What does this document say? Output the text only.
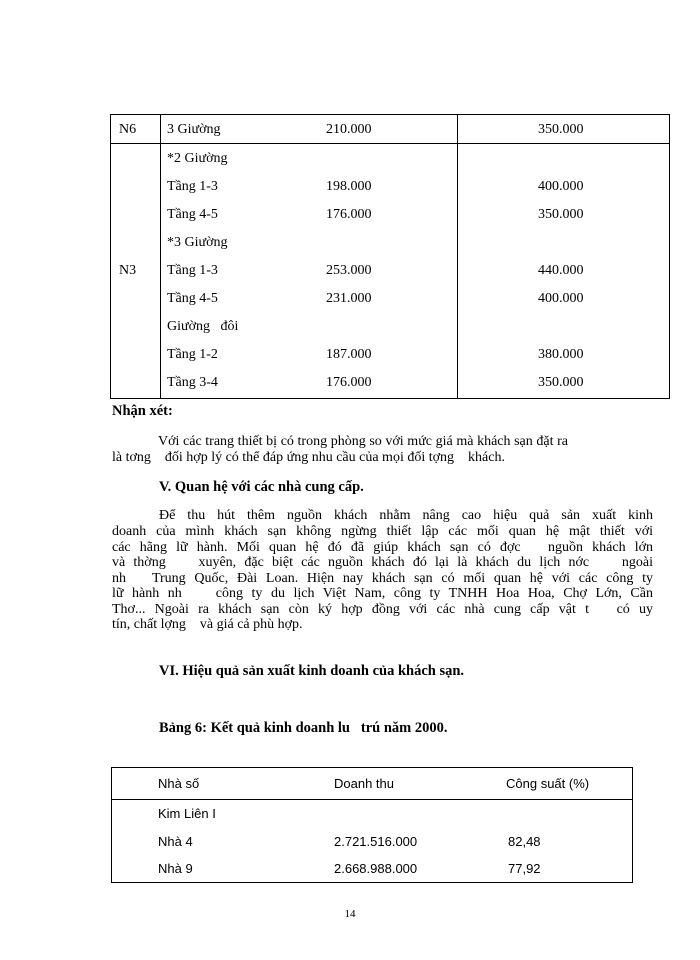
N6 3 Giường	210.000	350.000
N3
*2 Giường
Tầng 1-3	198.000	400.000
Tầng 4-5	176.000	350.000
*3 Giường
Tầng 1-3	253.000	440.000
Tầng 4-5	231.000	400.000
Giường   đôi
Tầng 1-2	187.000	380.000
Tầng 3-4	176.000	350.000
Nhận xét:
Với các trang thiết bị có trong phòng so với mức giá mà khách sạn đặt ra
là tơng    đối hợp lý có thể đáp ứng nhu cầu của mọi đối tợng    khách.
V. Quan hệ với các nhà cung cấp.
Để thu hút thêm nguồn khách nhằm nâng cao hiệu quả sản xuất kinh
doanh của mình khách sạn không ngừng thiết lập các mối quan hệ mật thiết với
các hãng lữ hành. Mối quan hệ đó đã giúp khách sạn có đợc   nguồn khách lớn
và thờng    xuyên, đặc biệt các nguồn khách đó lại là khách du lịch nớc    ngoài
nh   Trung Quốc, Đài Loan. Hiện nay khách sạn có mối quan hệ với các công ty
lữ hành nh    công ty du lịch Việt Nam, công ty TNHH Hoa Hoa, Chợ Lớn, Cần
Thơ... Ngoài ra khách sạn còn ký hợp đồng với các nhà cung cấp vật t   có uy
tín, chất lợng    và giá cả phù hợp.
VI. Hiệu quả sản xuất kinh doanh của khách sạn.
Bảng 6: Kết quả kinh doanh lu   trú năm 2000.
Nhà số	Doanh thu	Công suất (%)
Kim Liên I
Nhà 4	2.721.516.000	82,48
Nhà 9	2.668.988.000	77,92
14
